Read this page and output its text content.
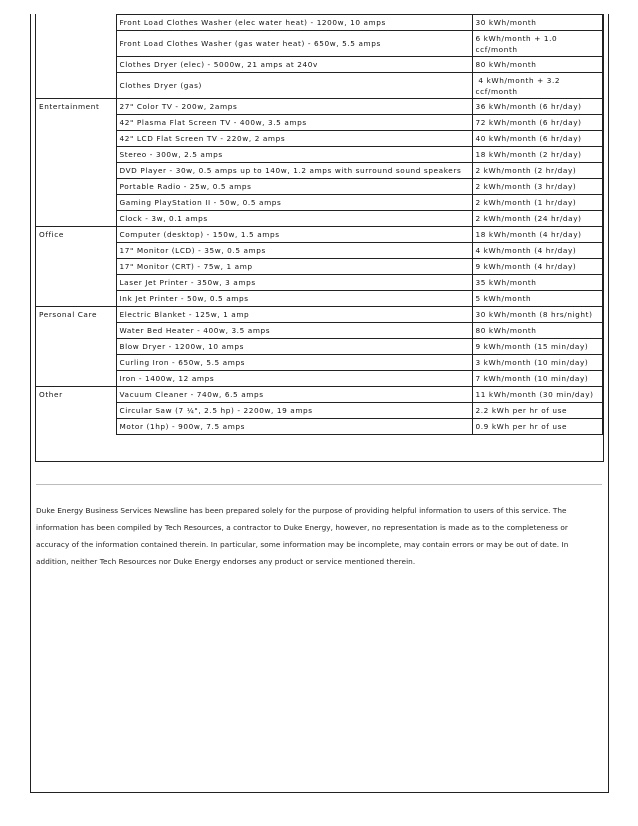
	Front Load Clothes Washer (elec water heat) - 1200w, 10 amps	30 kWh/month

	Front Load Clothes Washer (gas water heat) - 650w, 5.5 amps	6 kWh/month + 1.0
ccf/month

	Clothes Dryer (elec) - 5000w, 21 amps at 240v	80 kWh/month

	Clothes Dryer (gas)	4 kWh/month + 3.2
ccf/month

Entertainment	27" Color TV - 200w, 2amps	36 kWh/month (6 hr/day)

	42" Plasma Flat Screen TV - 400w, 3.5 amps	72 kWh/month (6 hr/day)

	42" LCD Flat Screen TV - 220w, 2 amps	40 kWh/month (6 hr/day)

	Stereo - 300w, 2.5 amps	18 kWh/month (2 hr/day)

	DVD Player - 30w, 0.5 amps up to 140w, 1.2 amps with surround sound speakers	2 kWh/month (2 hr/day)

	Portable Radio - 25w, 0.5 amps	2 kWh/month (3 hr/day)

	Gaming PlayStation II - 50w, 0.5 amps	2 kWh/month (1 hr/day)

	Clock - 3w, 0.1 amps	2 kWh/month (24 hr/day)

Office	Computer (desktop) - 150w, 1.5 amps	18 kWh/month (4 hr/day)

	17" Monitor (LCD) - 35w, 0.5 amps	4 kWh/month (4 hr/day)

	17" Monitor (CRT) - 75w, 1 amp	9 kWh/month (4 hr/day)

	Laser Jet Printer - 350w, 3 amps	35 kWh/month

	Ink Jet Printer - 50w, 0.5 amps	5 kWh/month

Personal Care	Electric Blanket - 125w, 1 amp	30 kWh/month (8 hrs/night)

	Water Bed Heater - 400w, 3.5 amps	80 kWh/month

	Blow Dryer - 1200w, 10 amps	9 kWh/month (15 min/day)

	Curling Iron - 650w, 5.5 amps	3 kWh/month (10 min/day)

	Iron - 1400w, 12 amps	7 kWh/month (10 min/day)

Other	Vacuum Cleaner - 740w, 6.5 amps	11 kWh/month (30 min/day)

	Circular Saw (7 ¼", 2.5 hp) - 2200w, 19 amps	2.2 kWh per hr of use

	Motor (1hp) - 900w, 7.5 amps	0.9 kWh per hr of use
Duke Energy Business Services Newsline has been prepared solely for the purpose of providing helpful information to users of this service. The information has been compiled by Tech Resources, a contractor to Duke Energy, however, no representation is made as to the completeness or accuracy of the information contained therein. In particular, some information may be incomplete, may contain errors or may be out of date. In addition, neither Tech Resources nor Duke Energy endorses any product or service mentioned therein.
